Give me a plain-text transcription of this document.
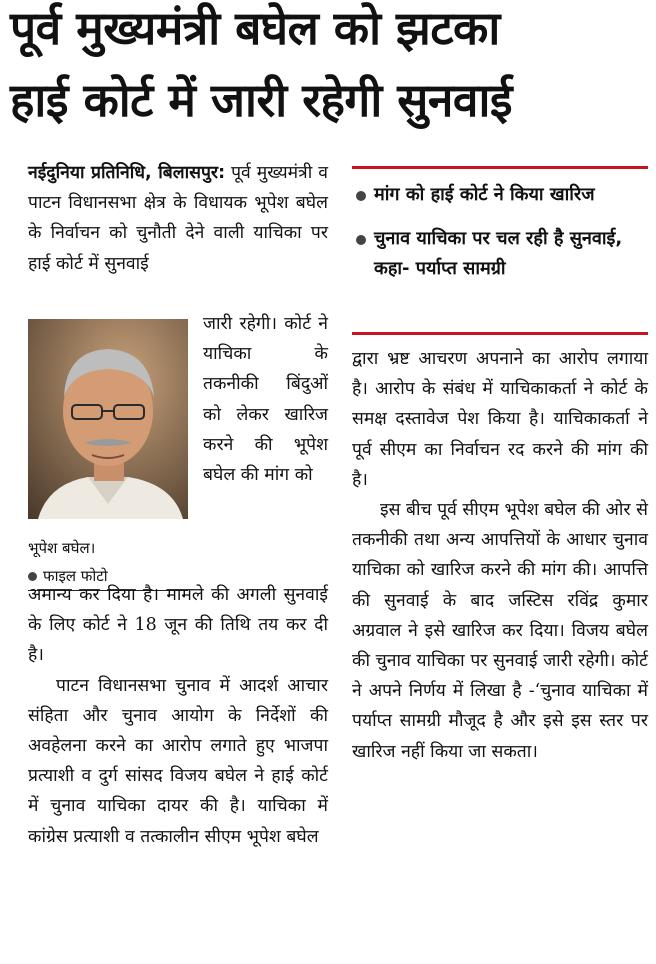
पूर्व मुख्यमंत्री बघेल को झटका
हाई कोर्ट में जारी रहेगी सुनवाई

नईदुनिया प्रतिनिधि, बिलासपुर: पूर्व मुख्यमंत्री व पाटन विधानसभा क्षेत्र के विधायक भूपेश बघेल के निर्वाचन को चुनौती देने वाली याचिका पर हाई कोर्ट में सुनवाई

जारी रहेगी। कोर्ट ने याचिका के तकनीकी बिंदुओं को लेकर खारिज करने की भूपेश बघेल की मांग को

भूपेश बघेल।
फाइल फोटो

अमान्य कर दिया है। मामले की अगली सुनवाई के लिए कोर्ट ने 18 जून की तिथि तय कर दी है।

पाटन विधानसभा चुनाव में आदर्श आचार संहिता और चुनाव आयोग के निर्देशों की अवहेलना करने का आरोप लगाते हुए भाजपा प्रत्याशी व दुर्ग सांसद विजय बघेल ने हाई कोर्ट में चुनाव याचिका दायर की है। याचिका में कांग्रेस प्रत्याशी व तत्कालीन सीएम भूपेश बघेल

मांग को हाई कोर्ट ने किया खारिज

चुनाव याचिका पर चल रही है सुनवाई, कहा- पर्याप्त सामग्री

द्वारा भ्रष्ट आचरण अपनाने का आरोप लगाया है। आरोप के संबंध में याचिकाकर्ता ने कोर्ट के समक्ष दस्तावेज पेश किया है। याचिकाकर्ता ने पूर्व सीएम का निर्वाचन रद करने की मांग की है।

इस बीच पूर्व सीएम भूपेश बघेल की ओर से तकनीकी तथा अन्य आपत्तियों के आधार चुनाव याचिका को खारिज करने की मांग की। आपत्ति की सुनवाई के बाद जस्टिस रविंद्र कुमार अग्रवाल ने इसे खारिज कर दिया। विजय बघेल की चुनाव याचिका पर सुनवाई जारी रहेगी। कोर्ट ने अपने निर्णय में लिखा है -‘चुनाव याचिका में पर्याप्त सामग्री मौजूद है और इसे इस स्तर पर खारिज नहीं किया जा सकता।
